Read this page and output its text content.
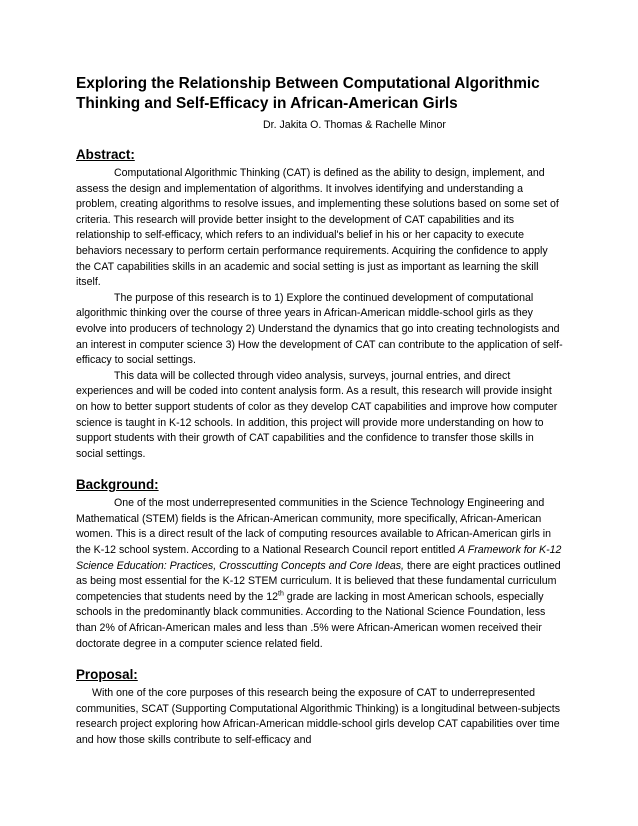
Exploring the Relationship Between Computational Algorithmic
Thinking and Self-Efficacy in African-American Girls
Dr. Jakita O. Thomas & Rachelle Minor
Abstract:

Computational Algorithmic Thinking (CAT) is defined as the ability to design, implement, and assess the design and implementation of algorithms. It involves identifying and understanding a problem, creating algorithms to resolve issues, and implementing these solutions based on some set of criteria. This research will provide better insight to the development of CAT capabilities and its relationship to self-efficacy, which refers to an individual's belief in his or her capacity to execute behaviors necessary to perform certain performance requirements. Acquiring the confidence to apply the CAT capabilities skills in an academic and social setting is just as important as learning the skill itself.

The purpose of this research is to 1) Explore the continued development of computational algorithmic thinking over the course of three years in African-American middle-school girls as they evolve into producers of technology 2) Understand the dynamics that go into creating technologists and an interest in computer science 3) How the development of CAT can contribute to the application of self-efficacy to social settings.

This data will be collected through video analysis, surveys, journal entries, and direct experiences and will be coded into content analysis form. As a result, this research will provide insight on how to better support students of color as they develop CAT capabilities and improve how computer science is taught in K-12 schools. In addition, this project will provide more understanding on how to support students with their growth of CAT capabilities and the confidence to transfer those skills in social settings.

Background:

One of the most underrepresented communities in the Science Technology Engineering and Mathematical (STEM) fields is the African-American community, more specifically, African-American women. This is a direct result of the lack of computing resources available to African-American girls in the K-12 school system. According to a National Research Council report entitled A Framework for K-12 Science Education: Practices, Crosscutting Concepts and Core Ideas, there are eight practices outlined as being most essential for the K-12 STEM curriculum. It is believed that these fundamental curriculum competencies that students need by the 12th grade are lacking in most American schools, especially schools in the predominantly black communities. According to the National Science Foundation, less than 2% of African-American males and less than .5% were African-American women received their doctorate degree in a computer science related field.

Proposal:

With one of the core purposes of this research being the exposure of CAT to underrepresented communities, SCAT (Supporting Computational Algorithmic Thinking) is a longitudinal between-subjects research project exploring how African-American middle-school girls develop CAT capabilities over time and how those skills contribute to self-efficacy and
